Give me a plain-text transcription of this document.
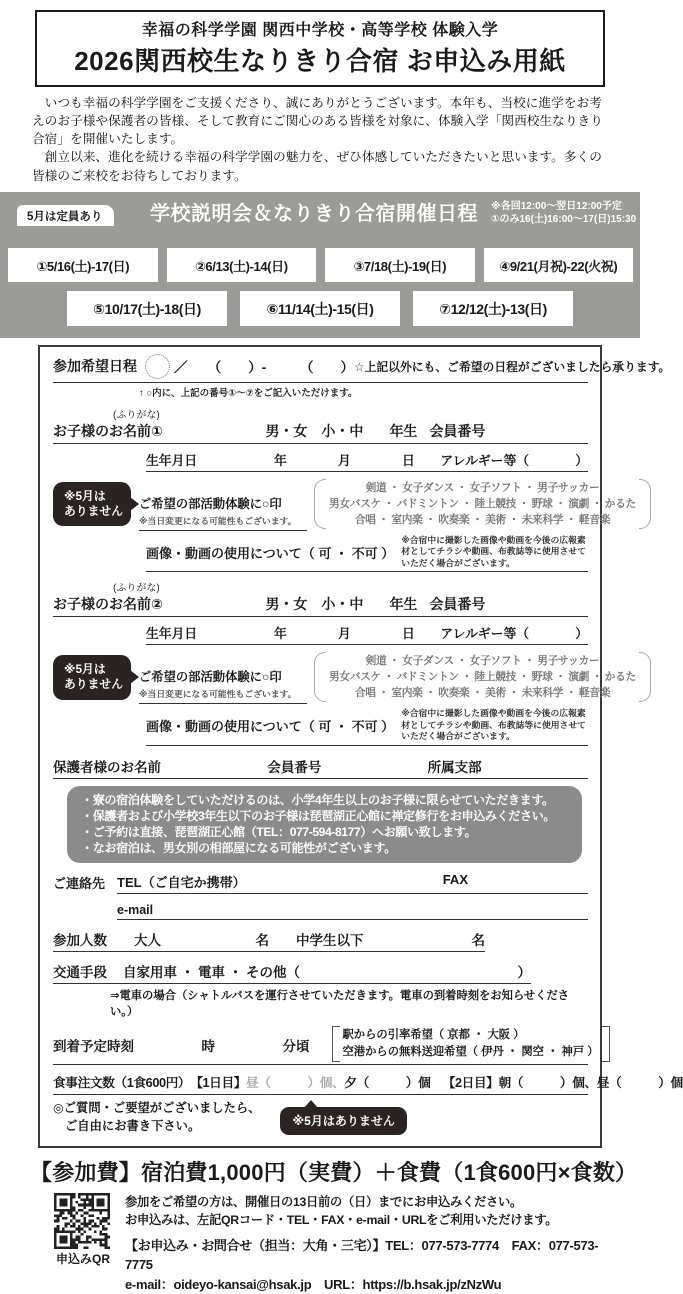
幸福の科学学園 関西中学校・高等学校 体験入学
2026関西校生なりきり合宿 お申込み用紙
　いつも幸福の科学学園をご支援くださり、誠にありがとうございます。本年も、当校に進学をお考えのお子様や保護者の皆様、そして教育にご関心のある皆様を対象に、体験入学「関西校生なりきり合宿」を開催いたします。
　創立以来、進化を続ける幸福の科学学園の魅力を、ぜひ体感していただきたいと思います。多くの皆様のご来校をお待ちしております。
5月は定員あり	学校説明会＆なりきり合宿開催日程 ※各回12:00～翌日12:00予定
①のみ16(土)16:00～17(日)15:30
①5/16(土)-17(日)	②6/13(土)-14(日)	③7/18(土)-19(日)	④9/21(月祝)-22(火祝)
⑤10/17(土)-18(日)	⑥11/14(土)-15(日)	⑦12/12(土)-13(日)
参加希望日程	／　　（　　）-　　　（　　） ☆上記以外にも、ご希望の日程がございましたら承ります。
↑ ○内に、上記の番号①～⑦をご記入いただけます。
(ふりがな)
お子様のお名前①	男・女　小・中 年生 会員番号
生年月日　　　　　　年　　　　月　　　　日　　アレルギー等（	）
※5月は
ありません	ご希望の部活動体験に○印
※当日変更になる可能性もございます。
剣道 ・ 女子ダンス ・ 女子ソフト ・ 男子サッカー
男女バスケ ・ バドミントン ・ 陸上競技 ・ 野球 ・ 演劇 ・ かるた
合唱 ・ 室内楽 ・ 吹奏楽 ・ 美術 ・ 未来科学 ・ 軽音楽
画像・動画の使用について（ 可 ・ 不可 ）
※合宿中に撮影した画像や動画を今後の広報素材としてチラシや動画、布教誌等に使用させていただく場合がございます。
(ふりがな)
お子様のお名前②	男・女　小・中 年生 会員番号
生年月日　　　　　　年　　　　月　　　　日　　アレルギー等（	）
※5月は
ありません	ご希望の部活動体験に○印
※当日変更になる可能性もございます。
剣道 ・ 女子ダンス ・ 女子ソフト ・ 男子サッカー
男女バスケ ・ バドミントン ・ 陸上競技 ・ 野球 ・ 演劇 ・ かるた
合唱 ・ 室内楽 ・ 吹奏楽 ・ 美術 ・ 未来科学 ・ 軽音楽
画像・動画の使用について（ 可 ・ 不可 ）
※合宿中に撮影した画像や動画を今後の広報素材としてチラシや動画、布教誌等に使用させていただく場合がございます。
保護者様のお名前	会員番号	所属支部
・寮の宿泊体験をしていただけるのは、小学4年生以上のお子様に限らせていただきます。
・保護者および小学校3年生以下のお子様は琵琶湖正心館に禅定修行をお申込みください。
・ご予約は直接、琵琶湖正心館（TEL：077-594-8177）へお願い致します。
・なお宿泊は、男女別の相部屋になる可能性がございます。
ご連絡先 TEL（ご自宅か携帯）	FAX
e-mail
参加人数　　大人　　　　　　　名　　中学生以下　　　　　　　　名
交通手段 自家用車 ・ 電車 ・ その他（	）
⇒電車の場合（シャトルバスを運行させていただきます。電車の到着時刻をお知らせください。）
到着予定時刻　　　　　時　　　　　分頃
駅からの引率希望（ 京都 ・ 大阪 ）
空港からの無料送迎希望（ 伊丹 ・ 関空 ・ 神戸 ）
食事注文数（1食600円） 【1日目】 昼（　　　）個、 夕（　　　）個　 【2日目】 朝（　　　）個、昼（　　　）個
◎ご質問・ご要望がございましたら、
ご自由にお書き下さい。	※5月はありません
【参加費】宿泊費1,000円（実費）＋食費（1食600円×食数）
申込みQR
参加をご希望の方は、開催日の13日前の（日）までにお申込みください。
お申込みは、左記QRコード・TEL・FAX・e-mail・URLをご利用いただけます。
【お申込み・お問合せ（担当：大角・三宅）】TEL：077-573-7774　FAX：077-573-7775
e-mail：oideyo-kansai@hsak.jp　URL：https://b.hsak.jp/zNzWu
